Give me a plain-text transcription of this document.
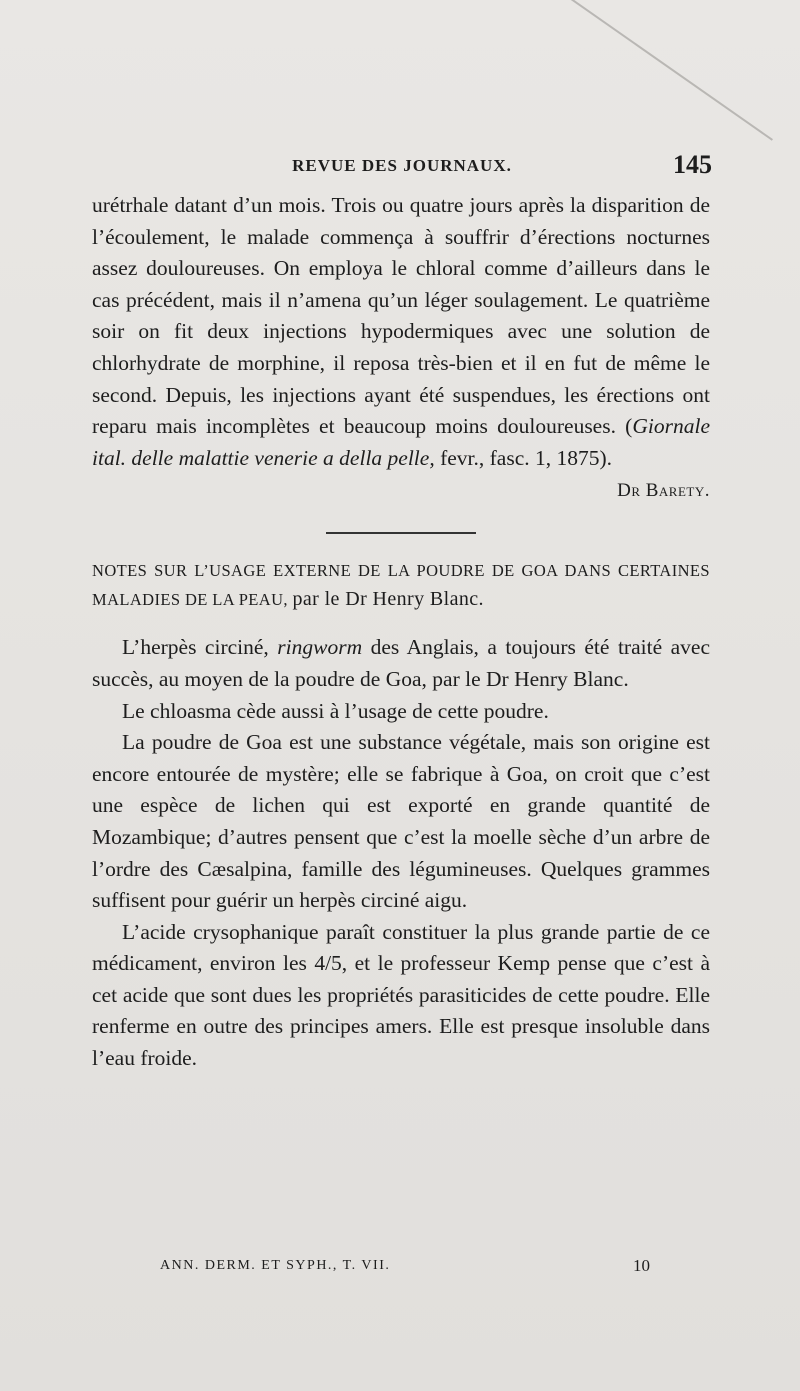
REVUE DES JOURNAUX.	145

urétrhale datant d’un mois. Trois ou quatre jours après la disparition de l’écoulement, le malade commença à souffrir d’érections nocturnes assez douloureuses. On employa le chloral comme d’ailleurs dans le cas précédent, mais il n’amena qu’un léger soulagement. Le quatrième soir on fit deux injections hypodermiques avec une solution de chlorhydrate de morphine, il reposa très-bien et il en fut de même le second. Depuis, les injections ayant été suspendues, les érections ont reparu mais incomplètes et beaucoup moins douloureuses. (Giornale ital. delle malattie venerie a della pelle, fevr., fasc. 1, 1875).

Dr Barety.
NOTES SUR L’USAGE EXTERNE DE LA POUDRE DE GOA DANS CERTAINES MALADIES DE LA PEAU, par le Dr Henry Blanc.

L’herpès circiné, ringworm des Anglais, a toujours été traité avec succès, au moyen de la poudre de Goa, par le Dr Henry Blanc.

Le chloasma cède aussi à l’usage de cette poudre.

La poudre de Goa est une substance végétale, mais son origine est encore entourée de mystère; elle se fabrique à Goa, on croit que c’est une espèce de lichen qui est exporté en grande quantité de Mozambique; d’autres pensent que c’est la moelle sèche d’un arbre de l’ordre des Cæsalpina, famille des légumineuses. Quelques grammes suffisent pour guérir un herpès circiné aigu.

L’acide crysophanique paraît constituer la plus grande partie de ce médicament, environ les 4/5, et le professeur Kemp pense que c’est à cet acide que sont dues les propriétés parasiticides de cette poudre. Elle renferme en outre des principes amers. Elle est presque insoluble dans l’eau froide.

ANN. DERM. ET SYPH., T. VII.	10
